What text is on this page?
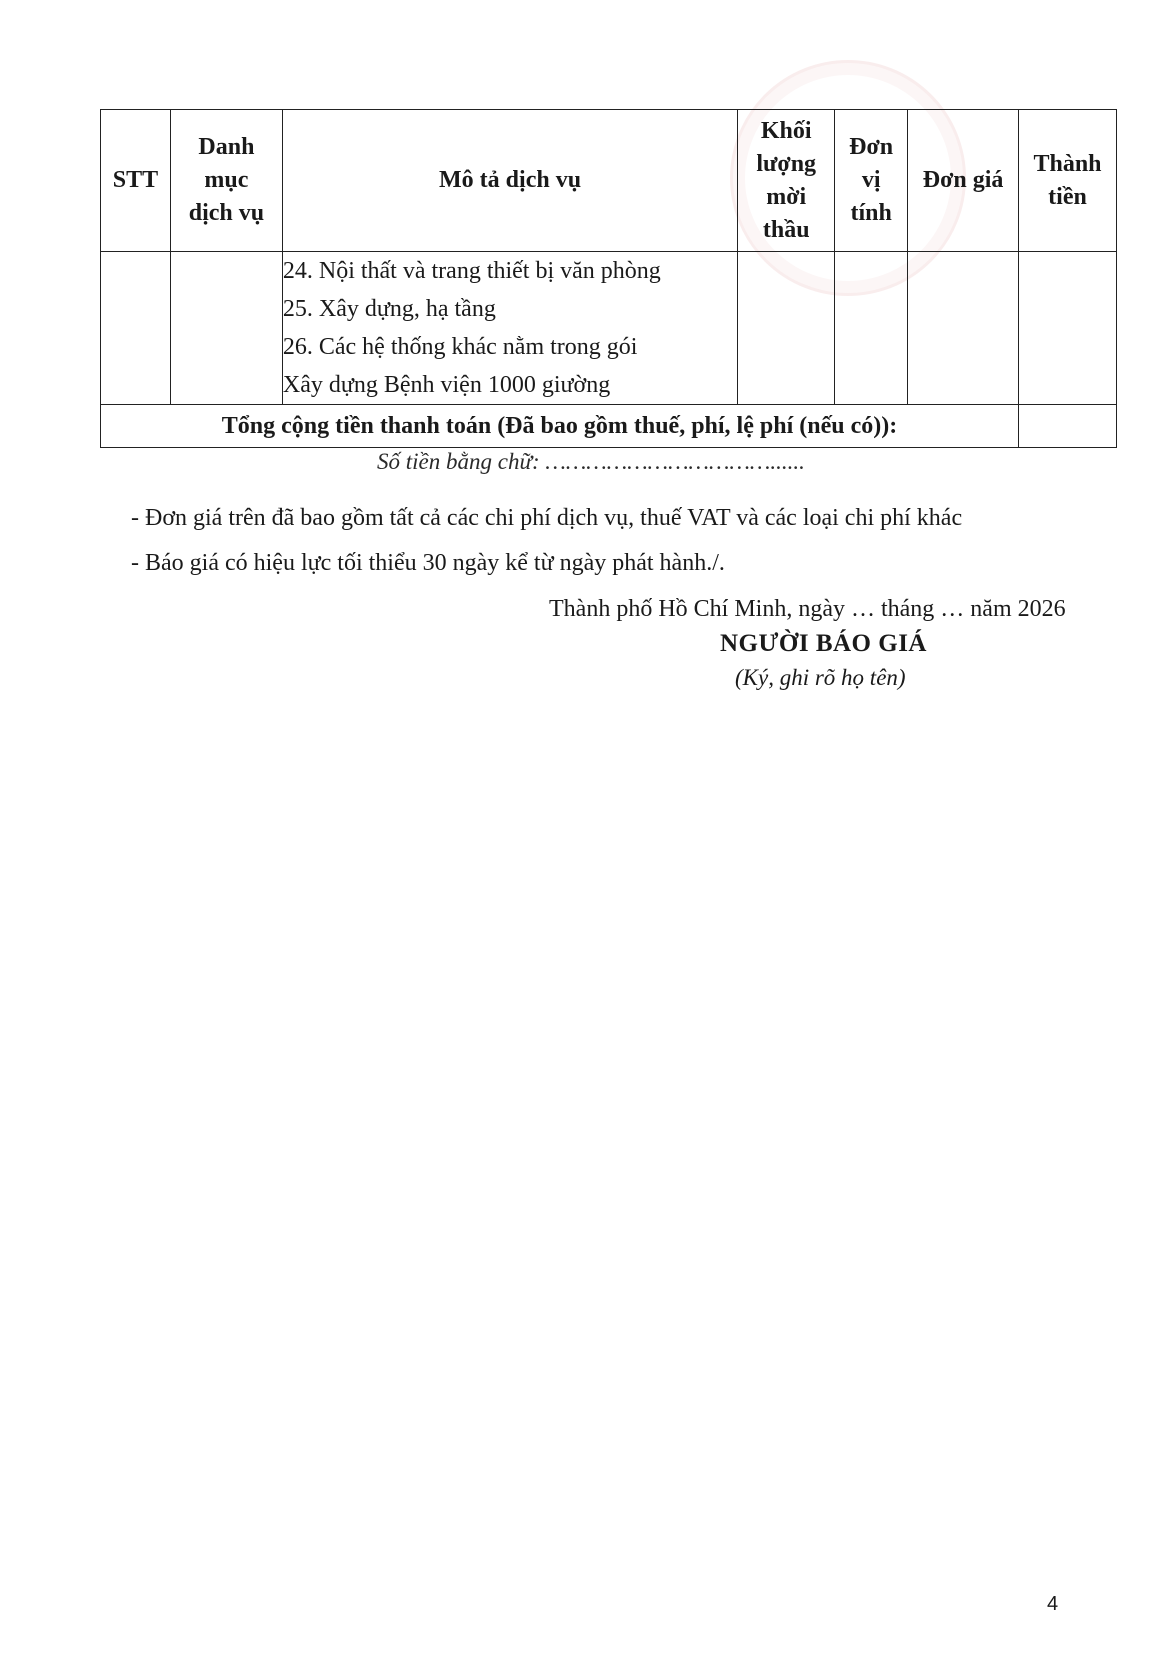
STT	Danh
mục
dịch vụ	Mô tả dịch vụ	Khối
lượng
mời
thầu	Đơn
vị
tính	Đơn giá	Thành
tiền

		24. Nội thất và trang thiết bị văn phòng
25. Xây dựng, hạ tầng
26. Các hệ thống khác nằm trong gói
Xây dựng Bệnh viện 1000 giường				

Tổng cộng tiền thanh toán (Đã bao gồm thuế, phí, lệ phí (nếu có)):						
Số tiền bằng chữ: ……………………………......
- Đơn giá trên đã bao gồm tất cả các chi phí dịch vụ, thuế VAT và các loại chi phí khác
- Báo giá có hiệu lực tối thiểu 30 ngày kể từ ngày phát hành./.
Thành phố Hồ Chí Minh, ngày … tháng … năm 2026
NGƯỜI BÁO GIÁ
(Ký, ghi rõ họ tên)
4
